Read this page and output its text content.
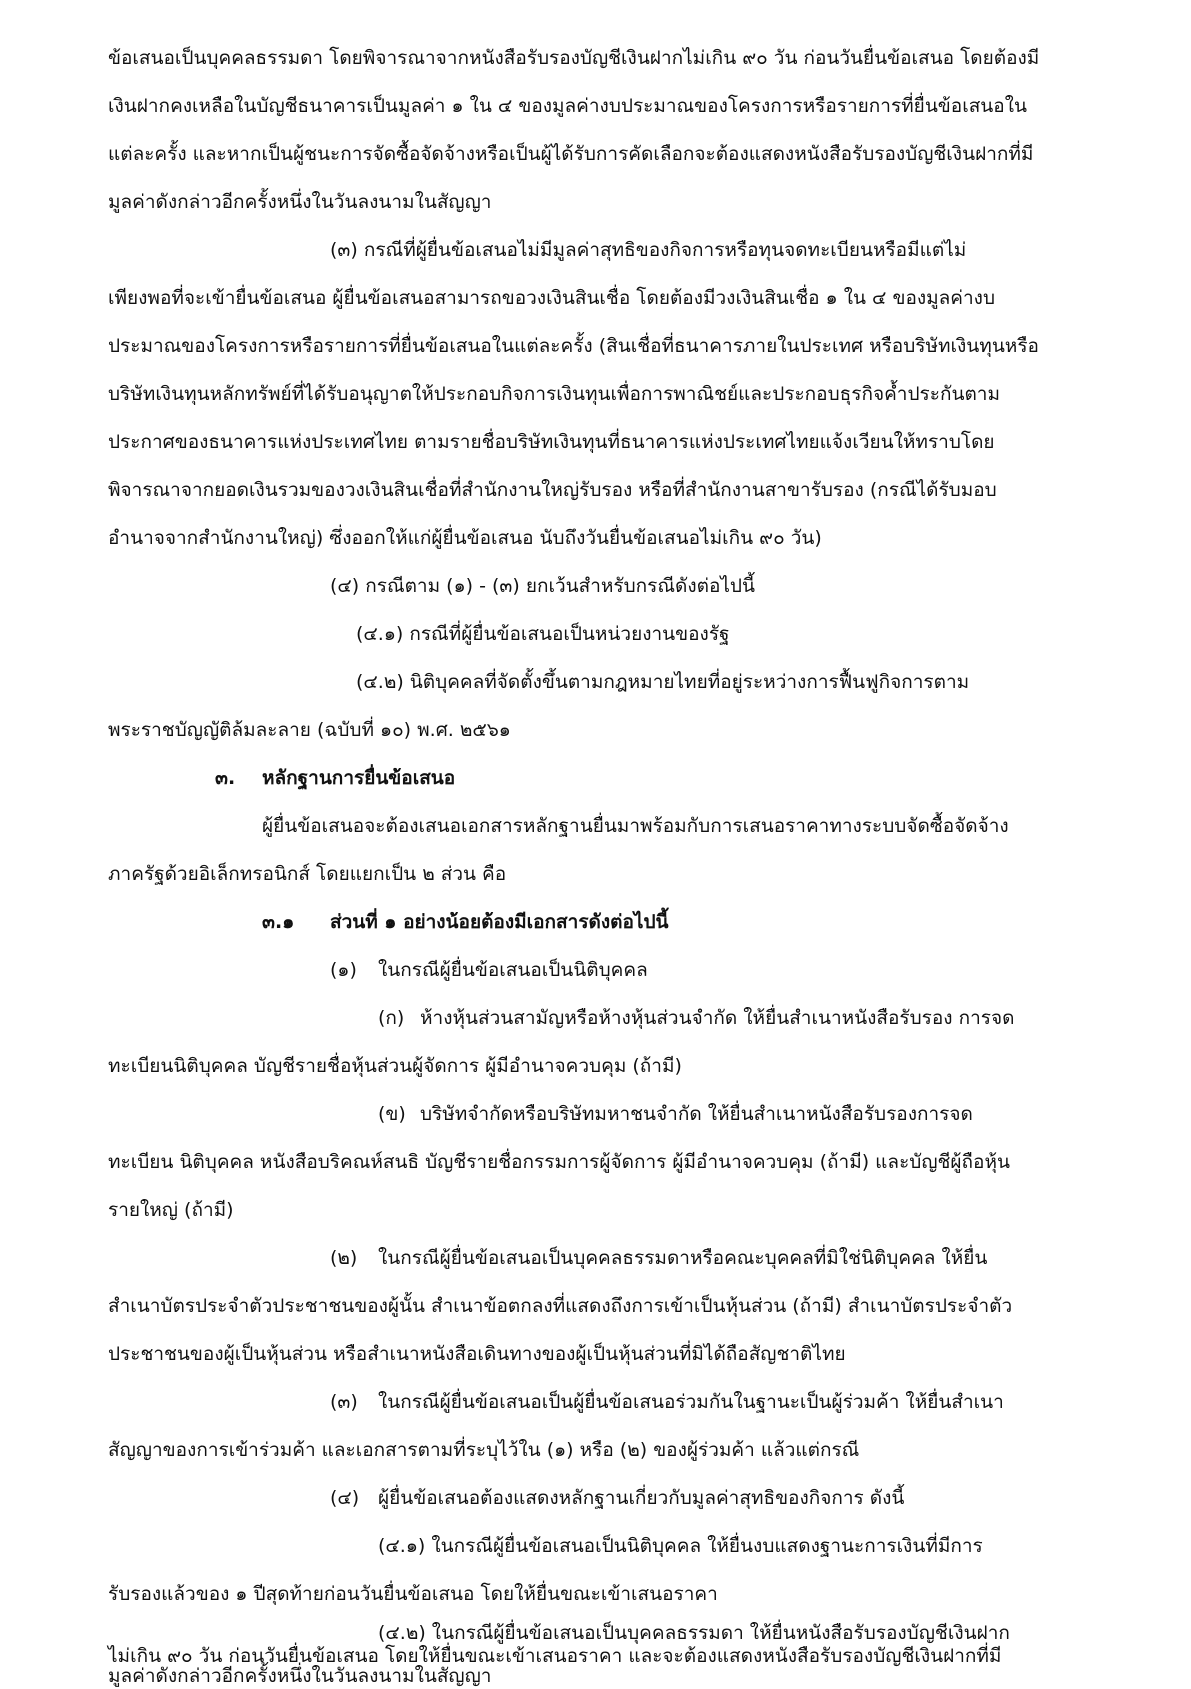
ข้อเสนอเป็นบุคคลธรรมดา โดยพิจารณาจากหนังสือรับรองบัญชีเงินฝากไม่เกิน ๙๐ วัน ก่อนวันยื่นข้อเสนอ โดยต้องมี
เงินฝากคงเหลือในบัญชีธนาคารเป็นมูลค่า ๑ ใน ๔ ของมูลค่างบประมาณของโครงการหรือรายการที่ยื่นข้อเสนอใน
แต่ละครั้ง และหากเป็นผู้ชนะการจัดซื้อจัดจ้างหรือเป็นผู้ได้รับการคัดเลือกจะต้องแสดงหนังสือรับรองบัญชีเงินฝากที่มี
มูลค่าดังกล่าวอีกครั้งหนึ่งในวันลงนามในสัญญา
(๓) กรณีที่ผู้ยื่นข้อเสนอไม่มีมูลค่าสุทธิของกิจการหรือทุนจดทะเบียนหรือมีแต่ไม่
เพียงพอที่จะเข้ายื่นข้อเสนอ ผู้ยื่นข้อเสนอสามารถขอวงเงินสินเชื่อ โดยต้องมีวงเงินสินเชื่อ ๑ ใน ๔ ของมูลค่างบ
ประมาณของโครงการหรือรายการที่ยื่นข้อเสนอในแต่ละครั้ง (สินเชื่อที่ธนาคารภายในประเทศ หรือบริษัทเงินทุนหรือ
บริษัทเงินทุนหลักทรัพย์ที่ได้รับอนุญาตให้ประกอบกิจการเงินทุนเพื่อการพาณิชย์และประกอบธุรกิจค้ำประกันตาม
ประกาศของธนาคารแห่งประเทศไทย ตามรายชื่อบริษัทเงินทุนที่ธนาคารแห่งประเทศไทยแจ้งเวียนให้ทราบโดย
พิจารณาจากยอดเงินรวมของวงเงินสินเชื่อที่สำนักงานใหญ่รับรอง หรือที่สำนักงานสาขารับรอง (กรณีได้รับมอบ
อำนาจจากสำนักงานใหญ่) ซึ่งออกให้แก่ผู้ยื่นข้อเสนอ นับถึงวันยื่นข้อเสนอไม่เกิน ๙๐ วัน)
(๔) กรณีตาม (๑) - (๓) ยกเว้นสำหรับกรณีดังต่อไปนี้
(๔.๑) กรณีที่ผู้ยื่นข้อเสนอเป็นหน่วยงานของรัฐ
(๔.๒) นิติบุคคลที่จัดตั้งขึ้นตามกฎหมายไทยที่อยู่ระหว่างการฟื้นฟูกิจการตาม
พระราชบัญญัติล้มละลาย (ฉบับที่ ๑๐) พ.ศ. ๒๕๖๑
๓. หลักฐานการยื่นข้อเสนอ
ผู้ยื่นข้อเสนอจะต้องเสนอเอกสารหลักฐานยื่นมาพร้อมกับการเสนอราคาทางระบบจัดซื้อจัดจ้าง
ภาครัฐด้วยอิเล็กทรอนิกส์ โดยแยกเป็น ๒ ส่วน คือ
๓.๑ ส่วนที่ ๑ อย่างน้อยต้องมีเอกสารดังต่อไปนี้
(๑) ในกรณีผู้ยื่นข้อเสนอเป็นนิติบุคคล
(ก) ห้างหุ้นส่วนสามัญหรือห้างหุ้นส่วนจำกัด ให้ยื่นสำเนาหนังสือรับรอง การจด
ทะเบียนนิติบุคคล บัญชีรายชื่อหุ้นส่วนผู้จัดการ ผู้มีอำนาจควบคุม (ถ้ามี)
(ข) บริษัทจำกัดหรือบริษัทมหาชนจำกัด ให้ยื่นสำเนาหนังสือรับรองการจด
ทะเบียน นิติบุคคล หนังสือบริคณห์สนธิ บัญชีรายชื่อกรรมการผู้จัดการ ผู้มีอำนาจควบคุม (ถ้ามี) และบัญชีผู้ถือหุ้น
รายใหญ่ (ถ้ามี)
(๒) ในกรณีผู้ยื่นข้อเสนอเป็นบุคคลธรรมดาหรือคณะบุคคลที่มิใช่นิติบุคคล ให้ยื่น
สำเนาบัตรประจำตัวประชาชนของผู้นั้น สำเนาข้อตกลงที่แสดงถึงการเข้าเป็นหุ้นส่วน (ถ้ามี) สำเนาบัตรประจำตัว
ประชาชนของผู้เป็นหุ้นส่วน หรือสำเนาหนังสือเดินทางของผู้เป็นหุ้นส่วนที่มิได้ถือสัญชาติไทย
(๓) ในกรณีผู้ยื่นข้อเสนอเป็นผู้ยื่นข้อเสนอร่วมกันในฐานะเป็นผู้ร่วมค้า ให้ยื่นสำเนา
สัญญาของการเข้าร่วมค้า และเอกสารตามที่ระบุไว้ใน (๑) หรือ (๒) ของผู้ร่วมค้า แล้วแต่กรณี
(๔) ผู้ยื่นข้อเสนอต้องแสดงหลักฐานเกี่ยวกับมูลค่าสุทธิของกิจการ ดังนี้
(๔.๑) ในกรณีผู้ยื่นข้อเสนอเป็นนิติบุคคล ให้ยื่นงบแสดงฐานะการเงินที่มีการ
รับรองแล้วของ ๑ ปีสุดท้ายก่อนวันยื่นข้อเสนอ โดยให้ยื่นขณะเข้าเสนอราคา
(๔.๒) ในกรณีผู้ยื่นข้อเสนอเป็นบุคคลธรรมดา ให้ยื่นหนังสือรับรองบัญชีเงินฝาก
ไม่เกิน ๙๐ วัน ก่อนวันยื่นข้อเสนอ โดยให้ยื่นขณะเข้าเสนอราคา และจะต้องแสดงหนังสือรับรองบัญชีเงินฝากที่มี
มูลค่าดังกล่าวอีกครั้งหนึ่งในวันลงนามในสัญญา
